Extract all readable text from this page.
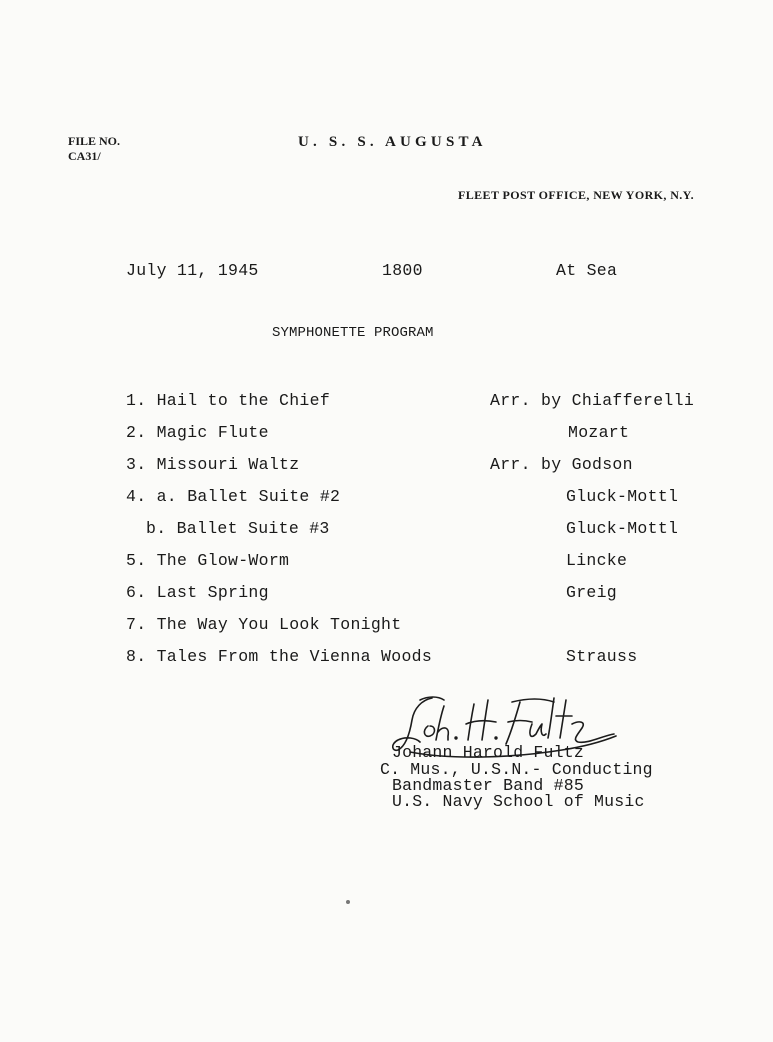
FILE NO.
CA31/
U. S. S. AUGUSTA
FLEET POST OFFICE, NEW YORK, N.Y.
July 11, 1945	1800	At Sea
SYMPHONETTE PROGRAM
1. Hail to the Chief	Arr. by Chiafferelli
2. Magic Flute	Mozart
3. Missouri Waltz	Arr. by Godson
4. a. Ballet Suite #2	Gluck-Mottl
b. Ballet Suite #3	Gluck-Mottl
5. The Glow-Worm	Lincke
6. Last Spring	Greig
7. The Way You Look Tonight
8. Tales From the Vienna Woods	Strauss
Johann Harold Fultz
C. Mus., U.S.N.- Conducting
Bandmaster Band #85
U.S. Navy School of Music
